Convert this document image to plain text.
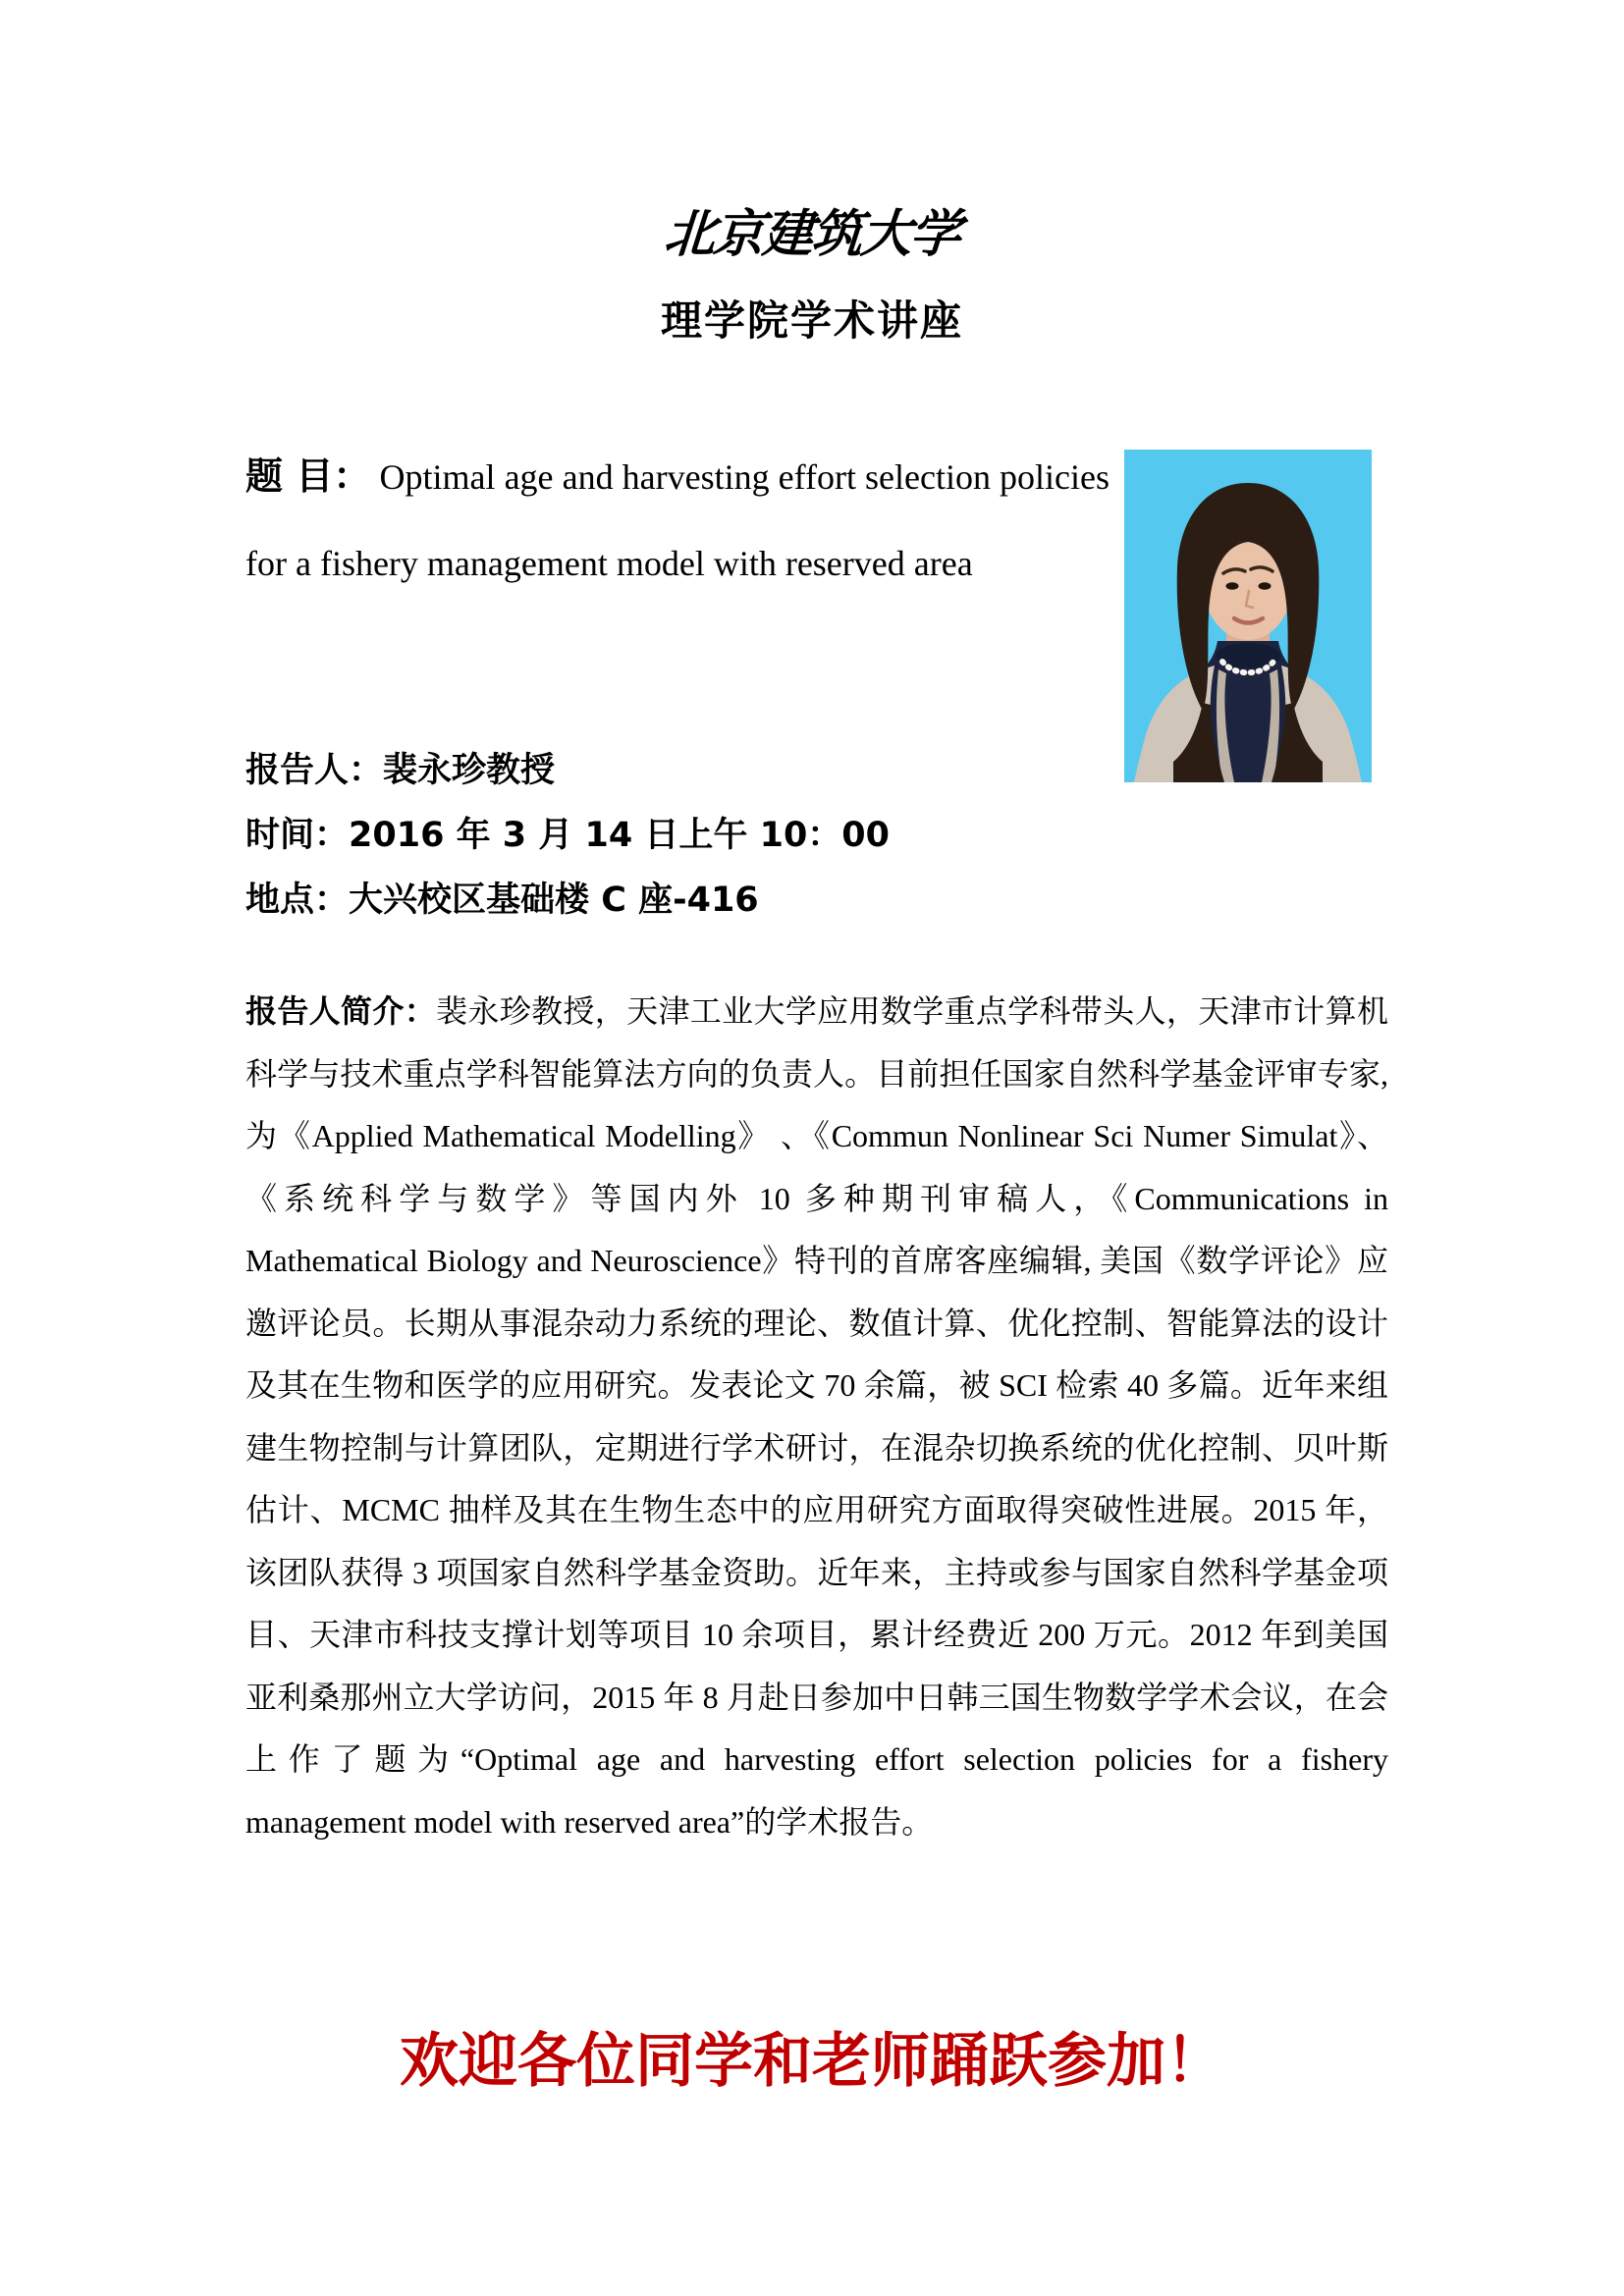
北京建筑大学
理学院学术讲座

题 目： Optimal age and harvesting effort selection policies for a fishery management model with reserved area

报告人：裴永珍教授
时间：2016 年 3 月 14 日上午 10：00
地点：大兴校区基础楼 C 座-416

报告人简介：裴永珍教授，天津工业大学应用数学重点学科带头人，天津市计算机科学与技术重点学科智能算法方向的负责人。目前担任国家自然科学基金评审专家, 为《Applied Mathematical Modelling》 、《Commun Nonlinear Sci Numer Simulat》、《系统科学与数学》等国内外 10 多种期刊审稿人，《Communications in Mathematical Biology and Neuroscience》特刊的首席客座编辑, 美国《数学评论》应邀评论员。长期从事混杂动力系统的理论、数值计算、优化控制、智能算法的设计及其在生物和医学的应用研究。发表论文 70 余篇，被 SCI 检索 40 多篇。近年来组建生物控制与计算团队，定期进行学术研讨，在混杂切换系统的优化控制、贝叶斯估计、MCMC 抽样及其在生物生态中的应用研究方面取得突破性进展。2015 年，该团队获得 3 项国家自然科学基金资助。近年来，主持或参与国家自然科学基金项目、天津市科技支撑计划等项目 10 余项目，累计经费近 200 万元。2012 年到美国亚利桑那州立大学访问，2015 年 8 月赴日参加中日韩三国生物数学学术会议，在会上作了题为“Optimal age and harvesting effort selection policies for a fishery management model with reserved area”的学术报告。

欢迎各位同学和老师踊跃参加！
